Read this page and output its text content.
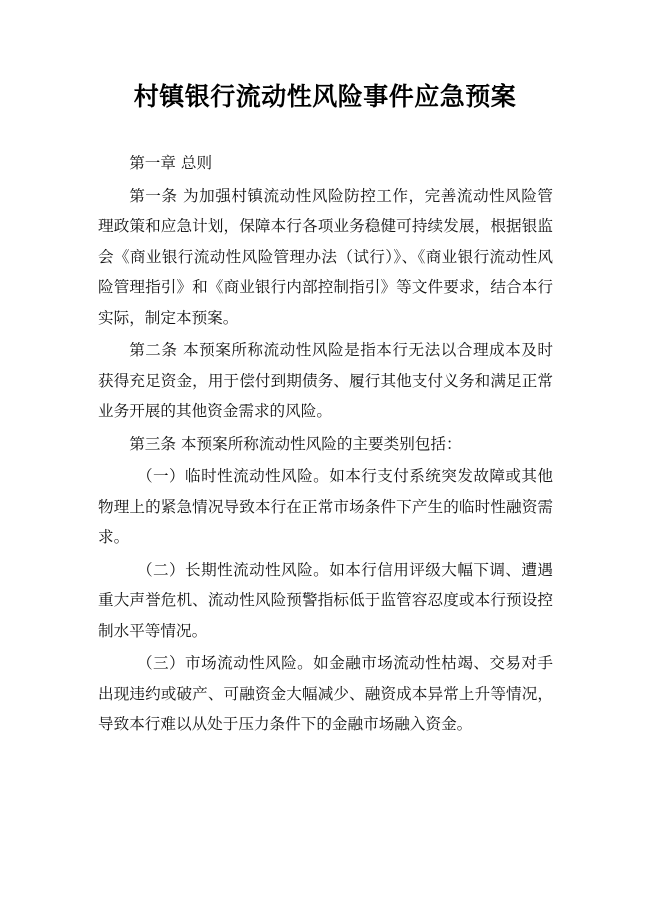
村镇银行流动性风险事件应急预案

第一章 总则

第一条 为加强村镇流动性风险防控工作，完善流动性风险管理政策和应急计划，保障本行各项业务稳健可持续发展，根据银监会《商业银行流动性风险管理办法（试行）》、《商业银行流动性风险管理指引》和《商业银行内部控制指引》等文件要求，结合本行实际，制定本预案。

第二条 本预案所称流动性风险是指本行无法以合理成本及时获得充足资金，用于偿付到期债务、履行其他支付义务和满足正常业务开展的其他资金需求的风险。

第三条 本预案所称流动性风险的主要类别包括：

（一）临时性流动性风险。如本行支付系统突发故障或其他物理上的紧急情况导致本行在正常市场条件下产生的临时性融资需求。

（二）长期性流动性风险。如本行信用评级大幅下调、遭遇重大声誉危机、流动性风险预警指标低于监管容忍度或本行预设控制水平等情况。

（三）市场流动性风险。如金融市场流动性枯竭、交易对手出现违约或破产、可融资金大幅减少、融资成本异常上升等情况，导致本行难以从处于压力条件下的金融市场融入资金。
